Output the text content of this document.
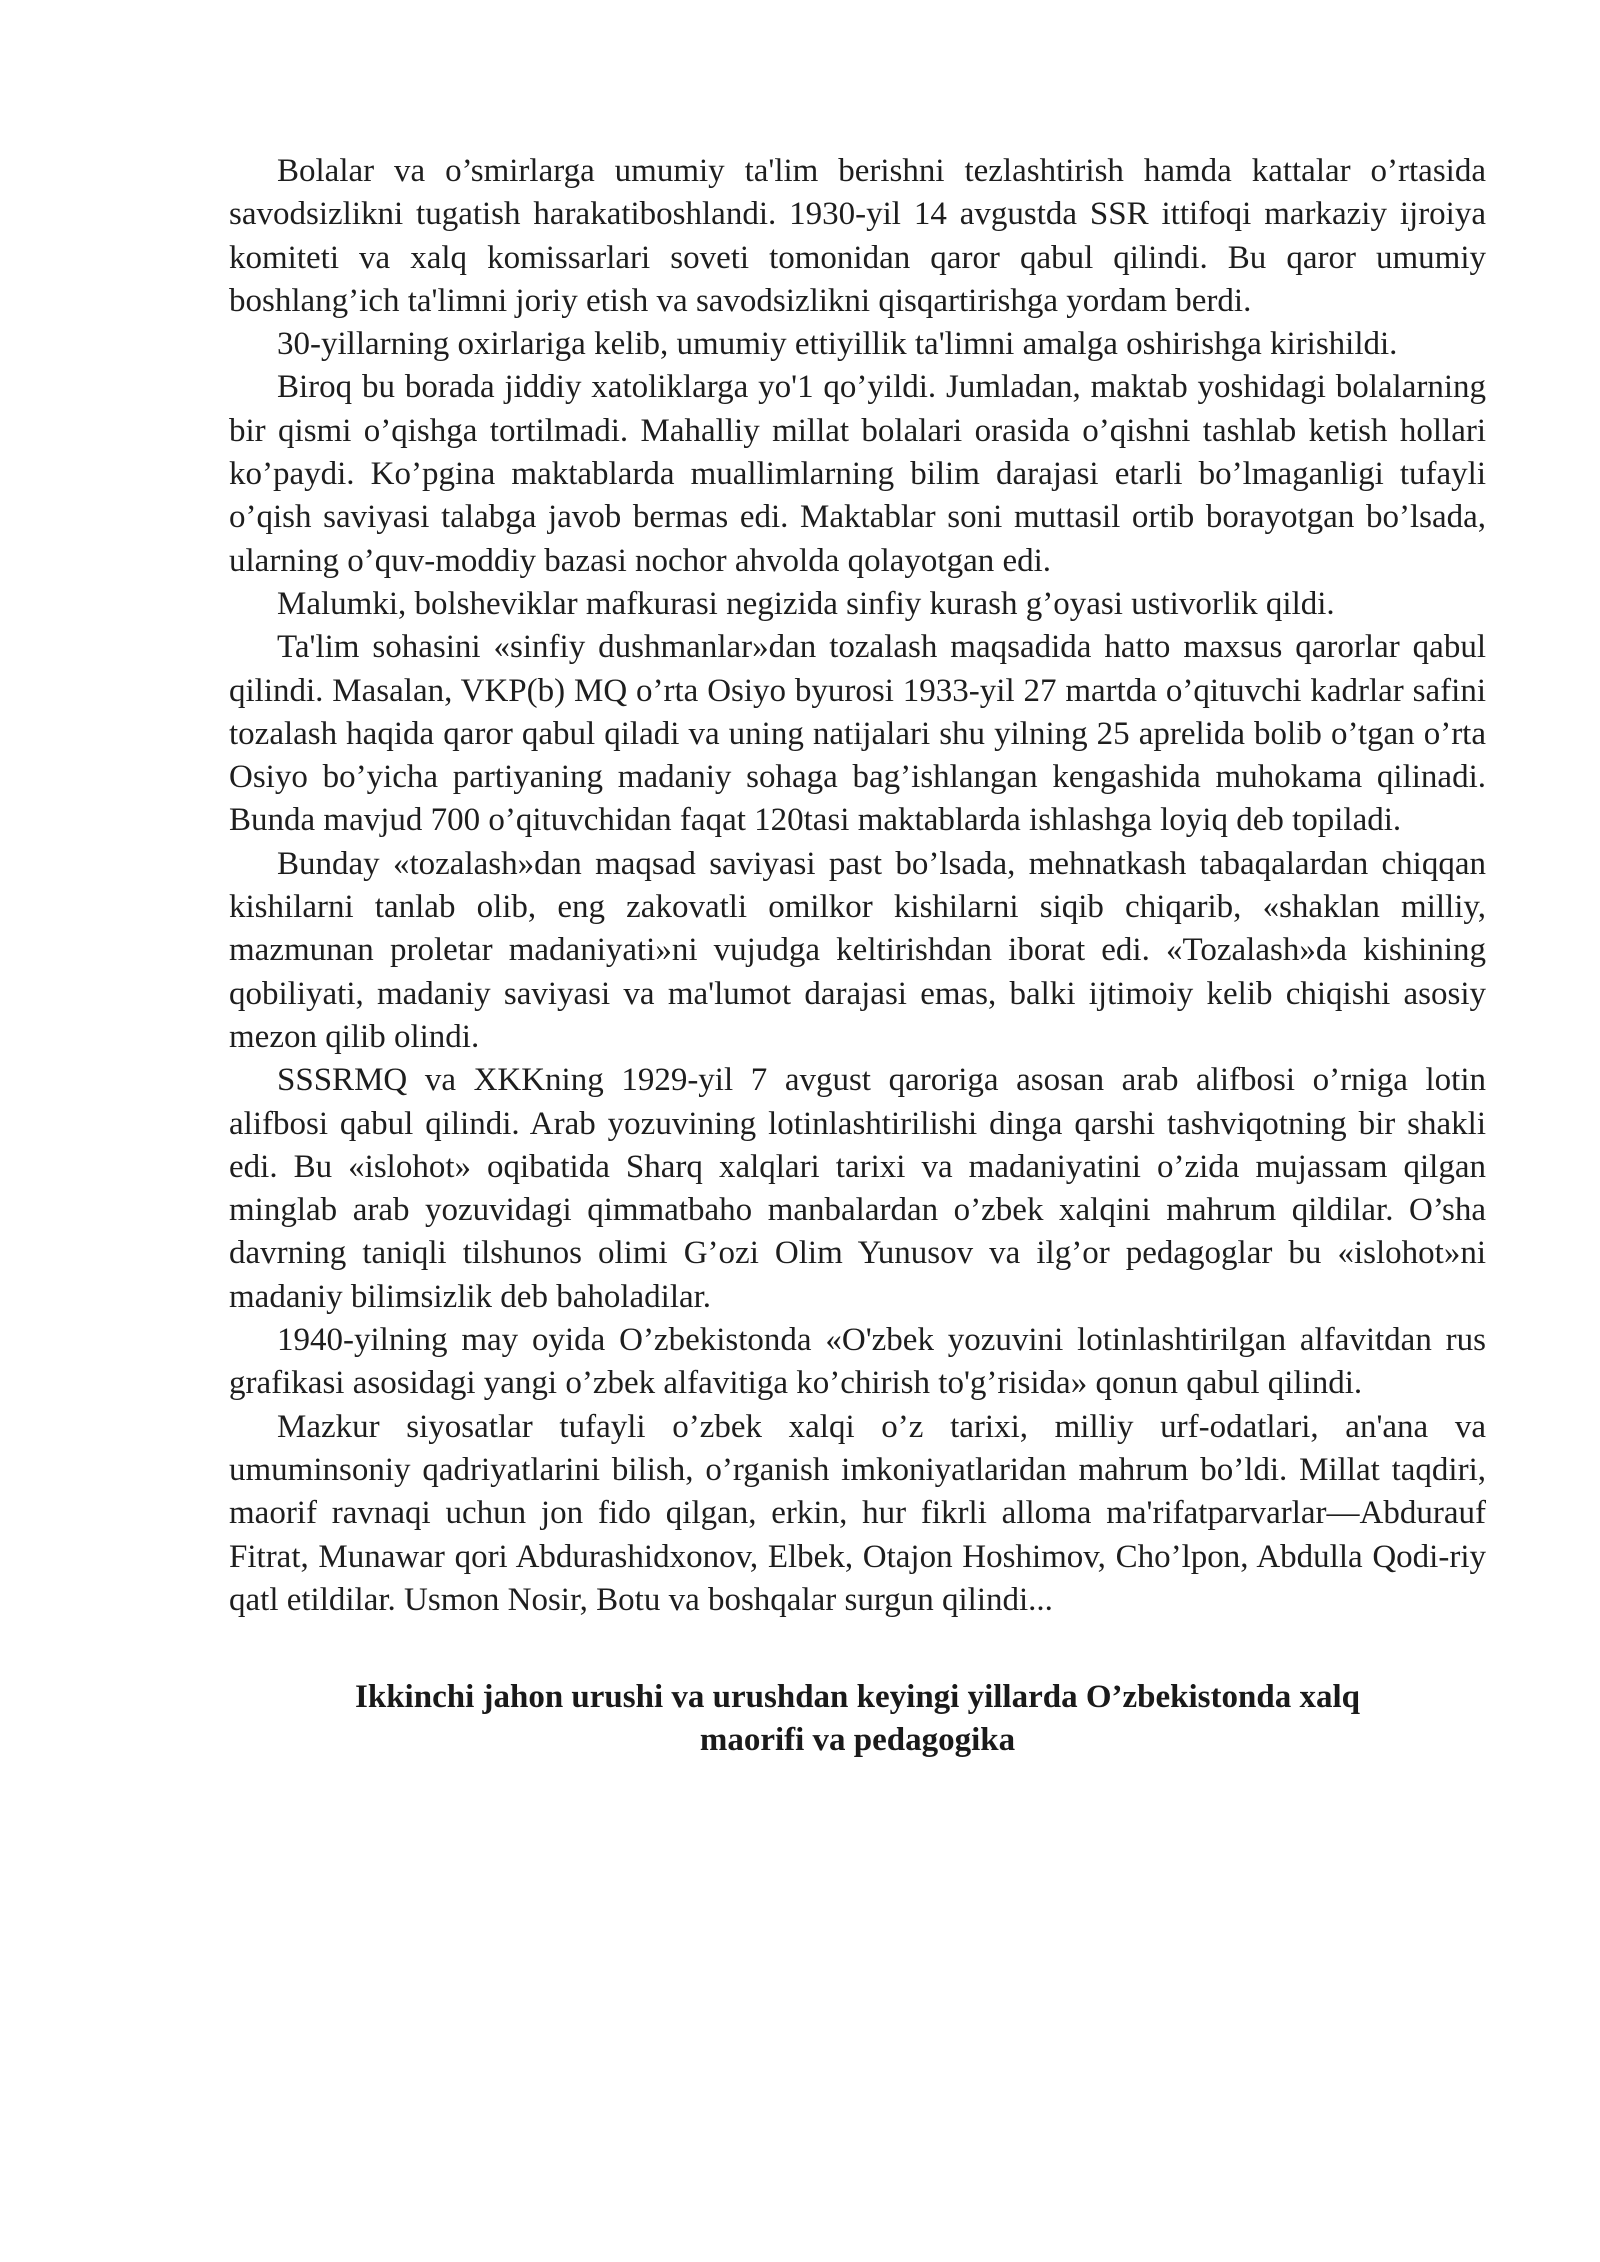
Bolalar va o’smirlarga umumiy ta'lim berishni tezlashtirish hamda kattalar o’rtasida savodsizlikni tugatish harakatiboshlandi. 1930-yil 14 avgustda SSR ittifoqi markaziy ijroiya komiteti va xalq komissarlari soveti tomonidan qaror qabul qilindi. Bu qaror umumiy boshlang’ich ta'limni joriy etish va savodsizlikni qisqartirishga yordam berdi.

30-yillarning oxirlariga kelib, umumiy ettiyillik ta'limni amalga oshirishga kirishildi.

Biroq bu borada jiddiy xatoliklarga yo'1 qo’yildi. Jumladan, maktab yoshidagi bolalarning bir qismi o’qishga tortilmadi. Mahalliy millat bolalari orasida o’qishni tashlab ketish hollari ko’paydi. Ko’pgina maktablarda muallimlarning bilim darajasi etarli bo’lmaganligi tufayli o’qish saviyasi talabga javob bermas edi. Maktablar soni muttasil ortib borayotgan bo’lsada, ularning o’quv-moddiy bazasi nochor ahvolda qolayotgan edi.

Malumki, bolsheviklar mafkurasi negizida sinfiy kurash g’oyasi ustivorlik qildi.

Ta'lim sohasini «sinfiy dushmanlar»dan tozalash maqsadida hatto maxsus qarorlar qabul qilindi. Masalan, VKP(b) MQ o’rta Osiyo byurosi 1933-yil 27 martda o’qituvchi kadrlar safini tozalash haqida qaror qabul qiladi va uning natijalari shu yilning 25 aprelida bolib o’tgan o’rta Osiyo bo’yicha partiyaning madaniy sohaga bag’ishlangan kengashida muhokama qilinadi. Bunda mavjud 700 o’qituvchidan faqat 120tasi maktablarda ishlashga loyiq deb topiladi.

Bunday «tozalash»dan maqsad saviyasi past bo’lsada, mehnatkash tabaqalardan chiqqan kishilarni tanlab olib, eng zakovatli omilkor kishilarni siqib chiqarib, «shaklan milliy, mazmunan proletar madaniyati»ni vujudga keltirishdan iborat edi. «Tozalash»da kishining qobiliyati, madaniy saviyasi va ma'lumot darajasi emas, balki ijtimoiy kelib chiqishi asosiy mezon qilib olindi.

SSSRMQ va XKKning 1929-yil 7 avgust qaroriga asosan arab alifbosi o’rniga lotin alifbosi qabul qilindi. Arab yozuvining lotinlashtirilishi dinga qarshi tashviqotning bir shakli edi. Bu «islohot» oqibatida Sharq xalqlari tarixi va madaniyatini o’zida mujassam qilgan minglab arab yozuvidagi qimmatbaho manbalardan o’zbek xalqini mahrum qildilar. O’sha davrning taniqli tilshunos olimi G’ozi Olim Yunusov va ilg’or pedagoglar bu «islohot»ni madaniy bilimsizlik deb baholadilar.

1940-yilning may oyida O’zbekistonda «O'zbek yozuvini lotinlashtirilgan alfavitdan rus grafikasi asosidagi yangi o’zbek alfavitiga ko’chirish to'g’risida» qonun qabul qilindi.

Mazkur siyosatlar tufayli o’zbek xalqi o’z tarixi, milliy urf-odatlari, an'ana va umuminsoniy qadriyatlarini bilish, o’rganish imkoniyatlaridan mahrum bo’ldi. Millat taqdiri, maorif ravnaqi uchun jon fido qilgan, erkin, hur fikrli alloma ma'rifatparvarlar—Abdurauf Fitrat, Munawar qori Abdurashidxonov, Elbek, Otajon Hoshimov, Cho’lpon, Abdulla Qodi-riy qatl etildilar. Usmon Nosir, Botu va boshqalar surgun qilindi...

Ikkinchi jahon urushi va urushdan keyingi yillarda O’zbekistonda xalq
maorifi va pedagogika
